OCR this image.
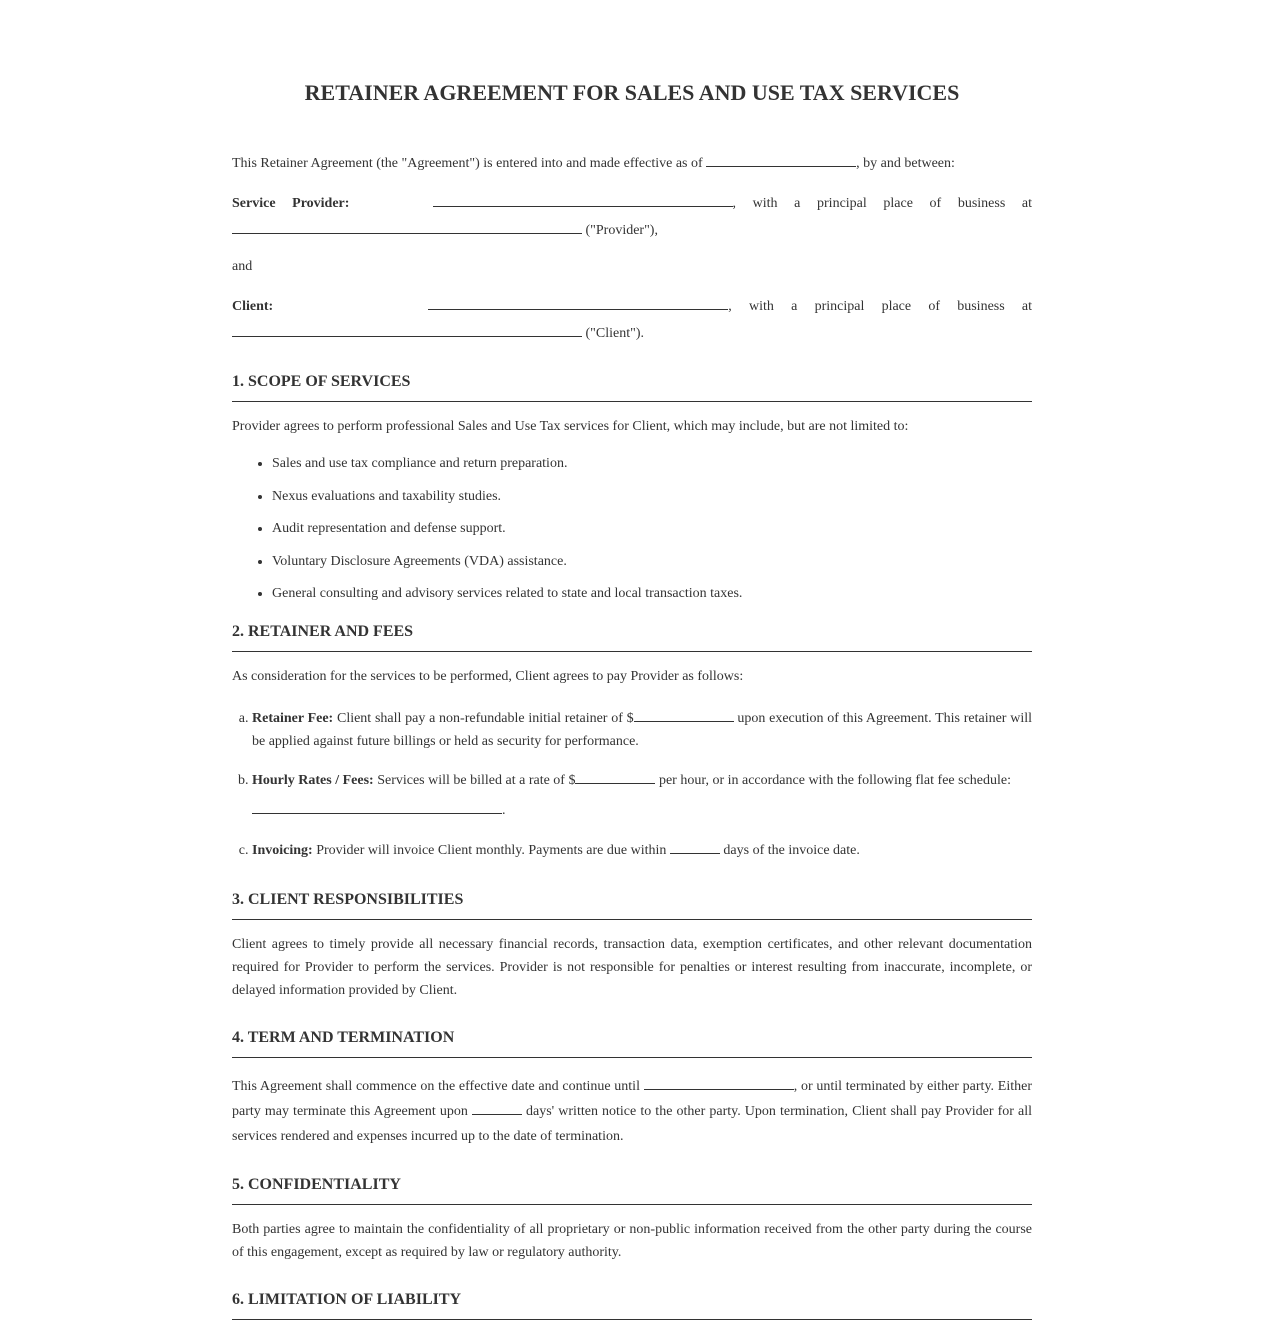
RETAINER AGREEMENT FOR SALES AND USE TAX SERVICES

This Retainer Agreement (the "Agreement") is entered into and made effective as of	, by and between:

Service Provider:	, with a principal place of business at

("Provider"),

and

Client:	, with a principal place of business at

("Client").

1. SCOPE OF SERVICES

Provider agrees to perform professional Sales and Use Tax services for Client, which may include, but are not limited to:

• Sales and use tax compliance and return preparation.
• Nexus evaluations and taxability studies.
• Audit representation and defense support.
• Voluntary Disclosure Agreements (VDA) assistance.
• General consulting and advisory services related to state and local transaction taxes.
2. RETAINER AND FEES

As consideration for the services to be performed, Client agrees to pay Provider as follows:

a. Retainer Fee: Client shall pay a non-refundable initial retainer of $	upon execution of this Agreement. This retainer will be applied against future billings or held as security for performance.
b. Hourly Rates / Fees: Services will be billed at a rate of $	per hour, or in accordance with the following flat fee schedule:
.
c. Invoicing: Provider will invoice Client monthly. Payments are due within	days of the invoice date.
3. CLIENT RESPONSIBILITIES

Client agrees to timely provide all necessary financial records, transaction data, exemption certificates, and other relevant documentation required for Provider to perform the services. Provider is not responsible for penalties or interest resulting from inaccurate, incomplete, or delayed information provided by Client.

4. TERM AND TERMINATION

This Agreement shall commence on the effective date and continue until	, or until terminated by either party. Either party may terminate this Agreement upon	days' written notice to the other party. Upon termination, Client shall pay Provider for all services rendered and expenses incurred up to the date of termination.

5. CONFIDENTIALITY

Both parties agree to maintain the confidentiality of all proprietary or non-public information received from the other party during the course of this engagement, except as required by law or regulatory authority.

6. LIMITATION OF LIABILITY
